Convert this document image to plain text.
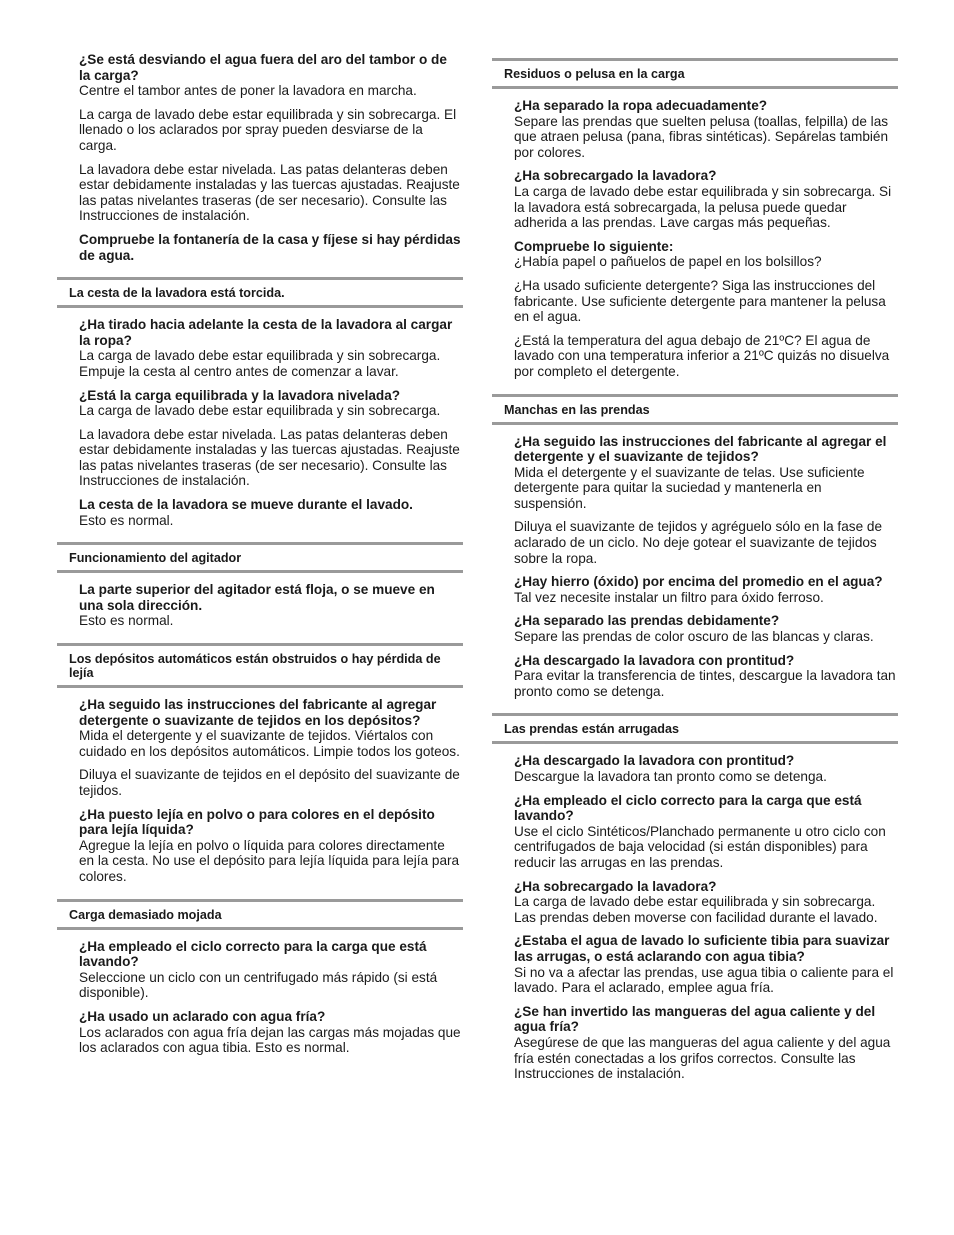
¿Se está desviando el agua fuera del aro del tambor o de la carga?

Centre el tambor antes de poner la lavadora en marcha.

La carga de lavado debe estar equilibrada y sin sobrecarga. El llenado o los aclarados por spray pueden desviarse de la carga.

La lavadora debe estar nivelada. Las patas delanteras deben estar debidamente instaladas y las tuercas ajustadas. Reajuste las patas nivelantes traseras (de ser necesario). Consulte las Instrucciones de instalación.

Compruebe la fontanería de la casa y fíjese si hay pérdidas de agua.

La cesta de la lavadora está torcida.

¿Ha tirado hacia adelante la cesta de la lavadora al cargar la ropa?

La carga de lavado debe estar equilibrada y sin sobrecarga. Empuje la cesta al centro antes de comenzar a lavar.

¿Está la carga equilibrada y la lavadora nivelada?

La carga de lavado debe estar equilibrada y sin sobrecarga.

La lavadora debe estar nivelada. Las patas delanteras deben estar debidamente instaladas y las tuercas ajustadas. Reajuste las patas nivelantes traseras (de ser necesario). Consulte las Instrucciones de instalación.

La cesta de la lavadora se mueve durante el lavado.

Esto es normal.

Funcionamiento del agitador

La parte superior del agitador está floja, o se mueve en una sola dirección.

Esto es normal.

Los depósitos automáticos están obstruidos o hay pérdida de lejía

¿Ha seguido las instrucciones del fabricante al agregar detergente o suavizante de tejidos en los depósitos?

Mida el detergente y el suavizante de tejidos. Viértalos con cuidado en los depósitos automáticos. Limpie todos los goteos.

Diluya el suavizante de tejidos en el depósito del suavizante de tejidos.

¿Ha puesto lejía en polvo o para colores en el depósito para lejía líquida?

Agregue la lejía en polvo o líquida para colores directamente en la cesta. No use el depósito para lejía líquida para lejía para colores.

Carga demasiado mojada

¿Ha empleado el ciclo correcto para la carga que está lavando?

Seleccione un ciclo con un centrifugado más rápido (si está disponible).

¿Ha usado un aclarado con agua fría?

Los aclarados con agua fría dejan las cargas más mojadas que los aclarados con agua tibia. Esto es normal.

Residuos o pelusa en la carga

¿Ha separado la ropa adecuadamente?

Separe las prendas que suelten pelusa (toallas, felpilla) de las que atraen pelusa (pana, fibras sintéticas). Sepárelas también por colores.

¿Ha sobrecargado la lavadora?

La carga de lavado debe estar equilibrada y sin sobrecarga. Si la lavadora está sobrecargada, la pelusa puede quedar adherida a las prendas. Lave cargas más pequeñas.

Compruebe lo siguiente:

¿Había papel o pañuelos de papel en los bolsillos?

¿Ha usado suficiente detergente? Siga las instrucciones del fabricante. Use suficiente detergente para mantener la pelusa en el agua.

¿Está la temperatura del agua debajo de 21ºC? El agua de lavado con una temperatura inferior a 21ºC quizás no disuelva por completo el detergente.

Manchas en las prendas

¿Ha seguido las instrucciones del fabricante al agregar el detergente y el suavizante de tejidos?

Mida el detergente y el suavizante de telas. Use suficiente detergente para quitar la suciedad y mantenerla en suspensión.

Diluya el suavizante de tejidos y agréguelo sólo en la fase de aclarado de un ciclo. No deje gotear el suavizante de tejidos sobre la ropa.

¿Hay hierro (óxido) por encima del promedio en el agua?

Tal vez necesite instalar un filtro para óxido ferroso.

¿Ha separado las prendas debidamente?

Separe las prendas de color oscuro de las blancas y claras.

¿Ha descargado la lavadora con prontitud?

Para evitar la transferencia de tintes, descargue la lavadora tan pronto como se detenga.

Las prendas están arrugadas

¿Ha descargado la lavadora con prontitud?

Descargue la lavadora tan pronto como se detenga.

¿Ha empleado el ciclo correcto para la carga que está lavando?

Use el ciclo Sintéticos/Planchado permanente u otro ciclo con centrifugados de baja velocidad (si están disponibles) para reducir las arrugas en las prendas.

¿Ha sobrecargado la lavadora?

La carga de lavado debe estar equilibrada y sin sobrecarga. Las prendas deben moverse con facilidad durante el lavado.

¿Estaba el agua de lavado lo suficiente tibia para suavizar las arrugas, o está aclarando con agua tibia?

Si no va a afectar las prendas, use agua tibia o caliente para el lavado. Para el aclarado, emplee agua fría.

¿Se han invertido las mangueras del agua caliente y del agua fría?

Asegúrese de que las mangueras del agua caliente y del agua fría estén conectadas a los grifos correctos. Consulte las Instrucciones de instalación.
